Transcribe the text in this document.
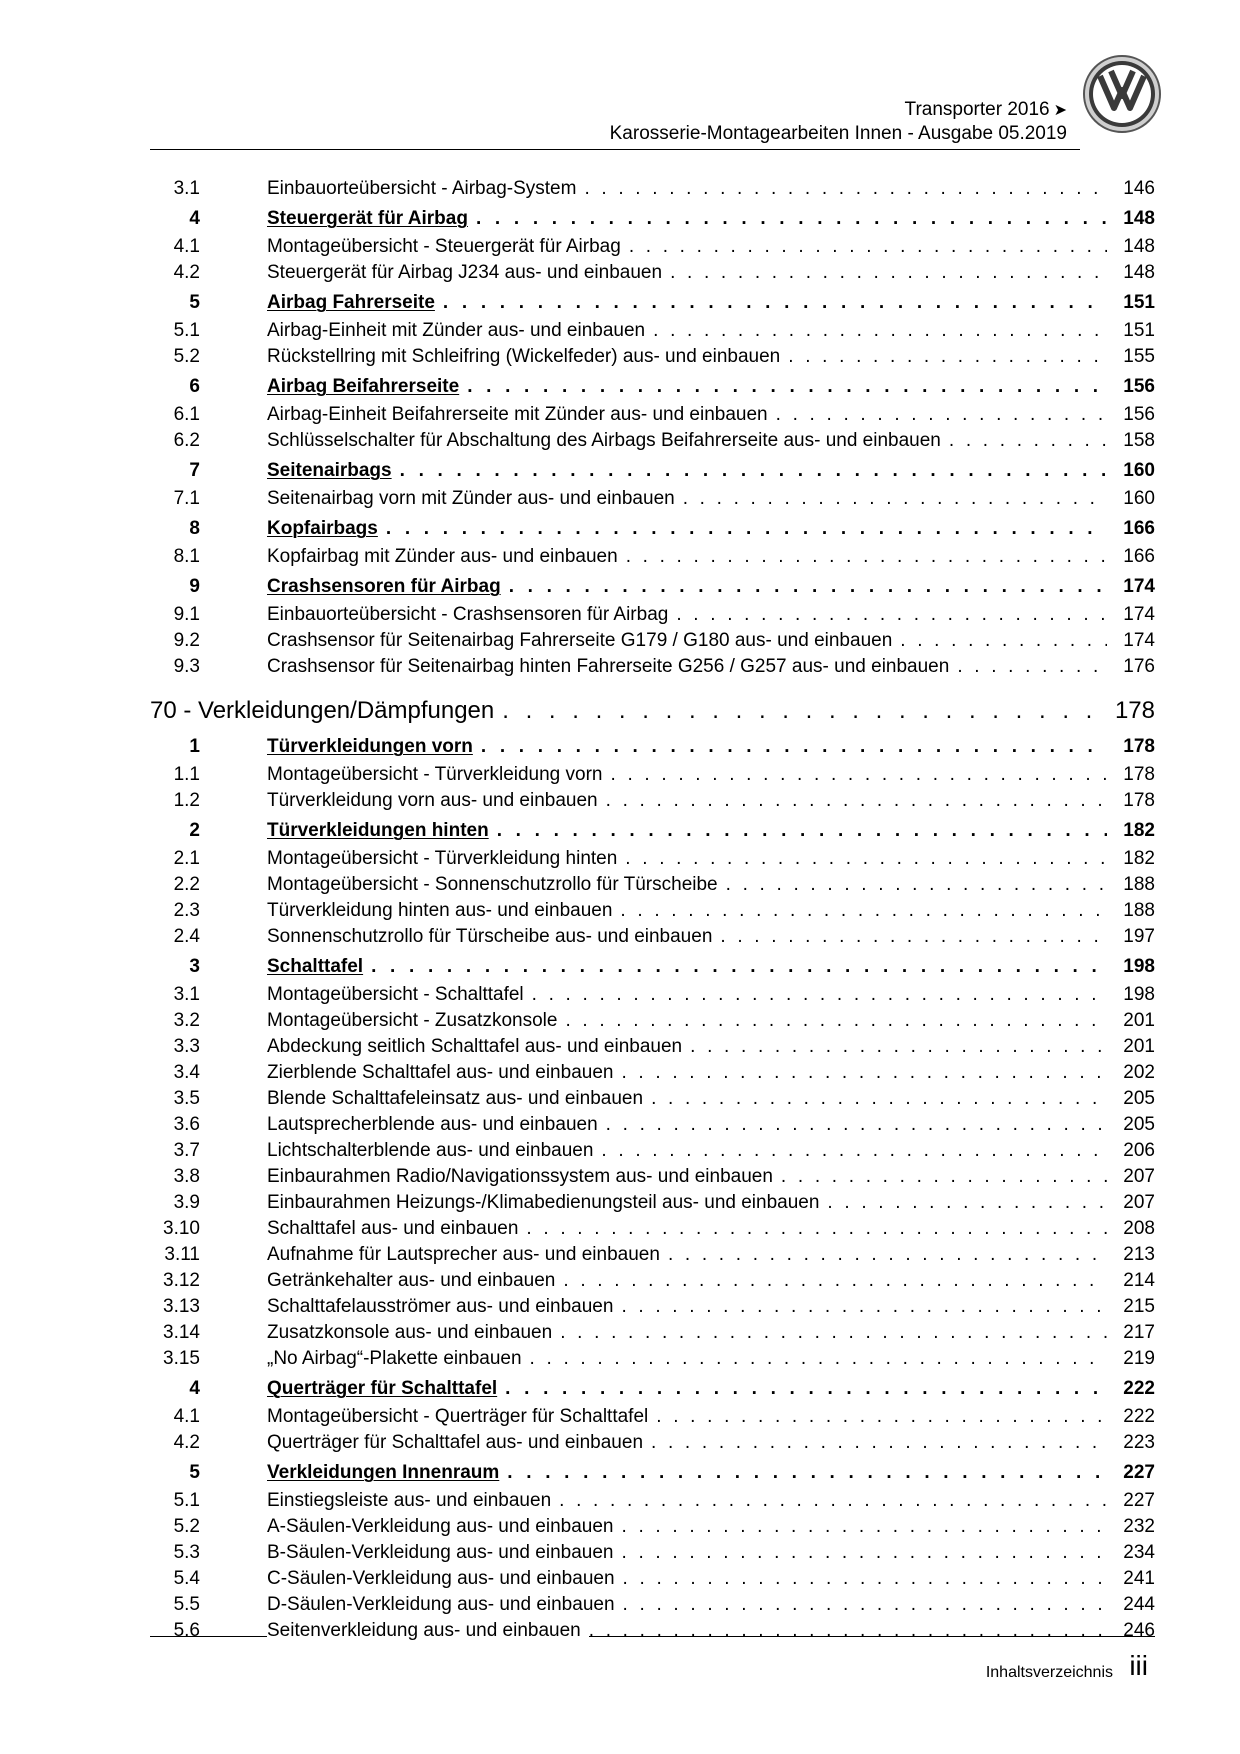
Transporter 2016 ➤
Karosserie-Montagearbeiten Innen - Ausgabe 05.2019
3.1	Einbauorteübersicht - Airbag-System . . .	146
4	Steuergerät für Airbag . . .	148
4.1	Montageübersicht - Steuergerät für Airbag . . .	148
4.2	Steuergerät für Airbag J234 aus- und einbauen . . .	148
5	Airbag Fahrerseite . . .	151
5.1	Airbag-Einheit mit Zünder aus- und einbauen . . .	151
5.2	Rückstellring mit Schleifring (Wickelfeder) aus- und einbauen . . .	155
6	Airbag Beifahrerseite . . .	156
6.1	Airbag-Einheit Beifahrerseite mit Zünder aus- und einbauen . . .	156
6.2	Schlüsselschalter für Abschaltung des Airbags Beifahrerseite aus- und einbauen . . .	158
7	Seitenairbags . . .	160
7.1	Seitenairbag vorn mit Zünder aus- und einbauen . . .	160
8	Kopfairbags . . .	166
8.1	Kopfairbag mit Zünder aus- und einbauen . . .	166
9	Crashsensoren für Airbag . . .	174
9.1	Einbauorteübersicht - Crashsensoren für Airbag . . .	174
9.2	Crashsensor für Seitenairbag Fahrerseite G179 / G180 aus- und einbauen . . .	174
9.3	Crashsensor für Seitenairbag hinten Fahrerseite G256 / G257 aus- und einbauen . . .	176
70 - Verkleidungen/Dämpfungen . . .	178
1	Türverkleidungen vorn . . .	178
1.1	Montageübersicht - Türverkleidung vorn . . .	178
1.2	Türverkleidung vorn aus- und einbauen . . .	178
2	Türverkleidungen hinten . . .	182
2.1	Montageübersicht - Türverkleidung hinten . . .	182
2.2	Montageübersicht - Sonnenschutzrollo für Türscheibe . . .	188
2.3	Türverkleidung hinten aus- und einbauen . . .	188
2.4	Sonnenschutzrollo für Türscheibe aus- und einbauen . . .	197
3	Schalttafel . . .	198
3.1	Montageübersicht - Schalttafel . . .	198
3.2	Montageübersicht - Zusatzkonsole . . .	201
3.3	Abdeckung seitlich Schalttafel aus- und einbauen . . .	201
3.4	Zierblende Schalttafel aus- und einbauen . . .	202
3.5	Blende Schalttafeleinsatz aus- und einbauen . . .	205
3.6	Lautsprecherblende aus- und einbauen . . .	205
3.7	Lichtschalterblende aus- und einbauen . . .	206
3.8	Einbaurahmen Radio/Navigationssystem aus- und einbauen . . .	207
3.9	Einbaurahmen Heizungs-/Klimabedienungsteil aus- und einbauen . . .	207
3.10	Schalttafel aus- und einbauen . . .	208
3.11	Aufnahme für Lautsprecher aus- und einbauen . . .	213
3.12	Getränkehalter aus- und einbauen . . .	214
3.13	Schalttafelausströmer aus- und einbauen . . .	215
3.14	Zusatzkonsole aus- und einbauen . . .	217
3.15	„No Airbag“-Plakette einbauen . . .	219
4	Querträger für Schalttafel . . .	222
4.1	Montageübersicht - Querträger für Schalttafel . . .	222
4.2	Querträger für Schalttafel aus- und einbauen . . .	223
5	Verkleidungen Innenraum . . .	227
5.1	Einstiegsleiste aus- und einbauen . . .	227
5.2	A-Säulen-Verkleidung aus- und einbauen . . .	232
5.3	B-Säulen-Verkleidung aus- und einbauen . . .	234
5.4	C-Säulen-Verkleidung aus- und einbauen . . .	241
5.5	D-Säulen-Verkleidung aus- und einbauen . . .	244
5.6	Seitenverkleidung aus- und einbauen . . .	246
Inhaltsverzeichnis iii
